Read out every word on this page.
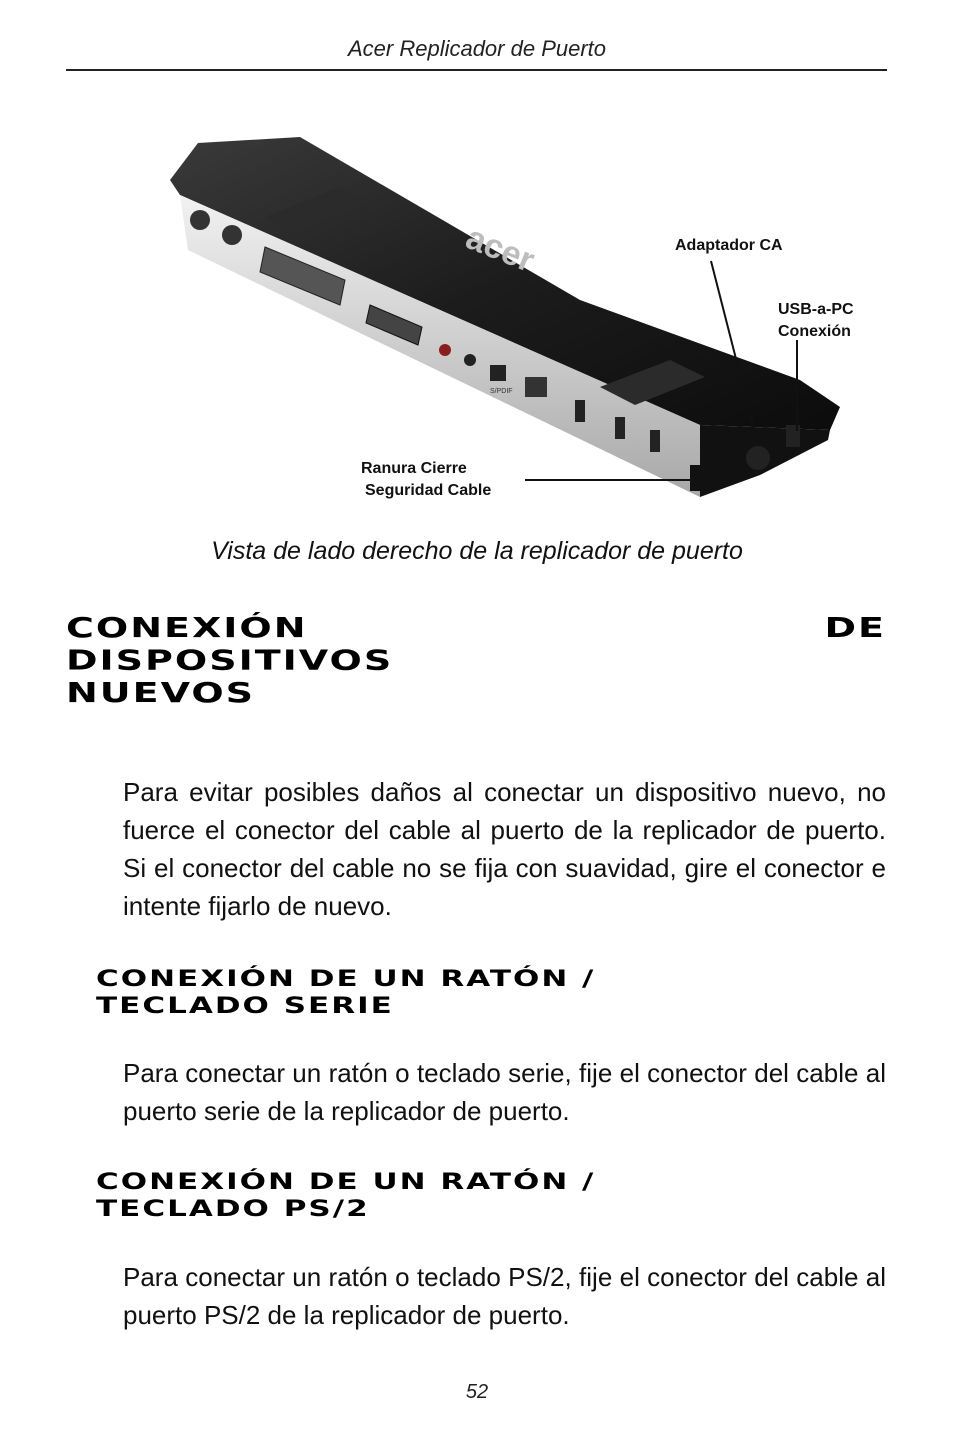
Acer Replicador de Puerto
acer
S/PDIF
Adaptador CA
USB-a-PC
Conexión
Ranura Cierre
Seguridad Cable
Vista de lado derecho de la replicador de puerto
CONEXIÓN	DE
DISPOSITIVOS
NUEVOS
Para evitar posibles daños al conectar un dispositivo nuevo, no fuerce el conector del cable al puerto de la replicador de puerto. Si el conector del cable no se fija con suavidad, gire el conector e intente fijarlo de nuevo.
CONEXIÓN DE UN RATÓN /
TECLADO SERIE
Para conectar un ratón o teclado serie, fije el conector del cable al puerto serie de la replicador de puerto.
CONEXIÓN DE UN RATÓN /
TECLADO PS/2
Para conectar un ratón o teclado PS/2, fije el conector del cable al puerto PS/2 de la replicador de puerto.
52
